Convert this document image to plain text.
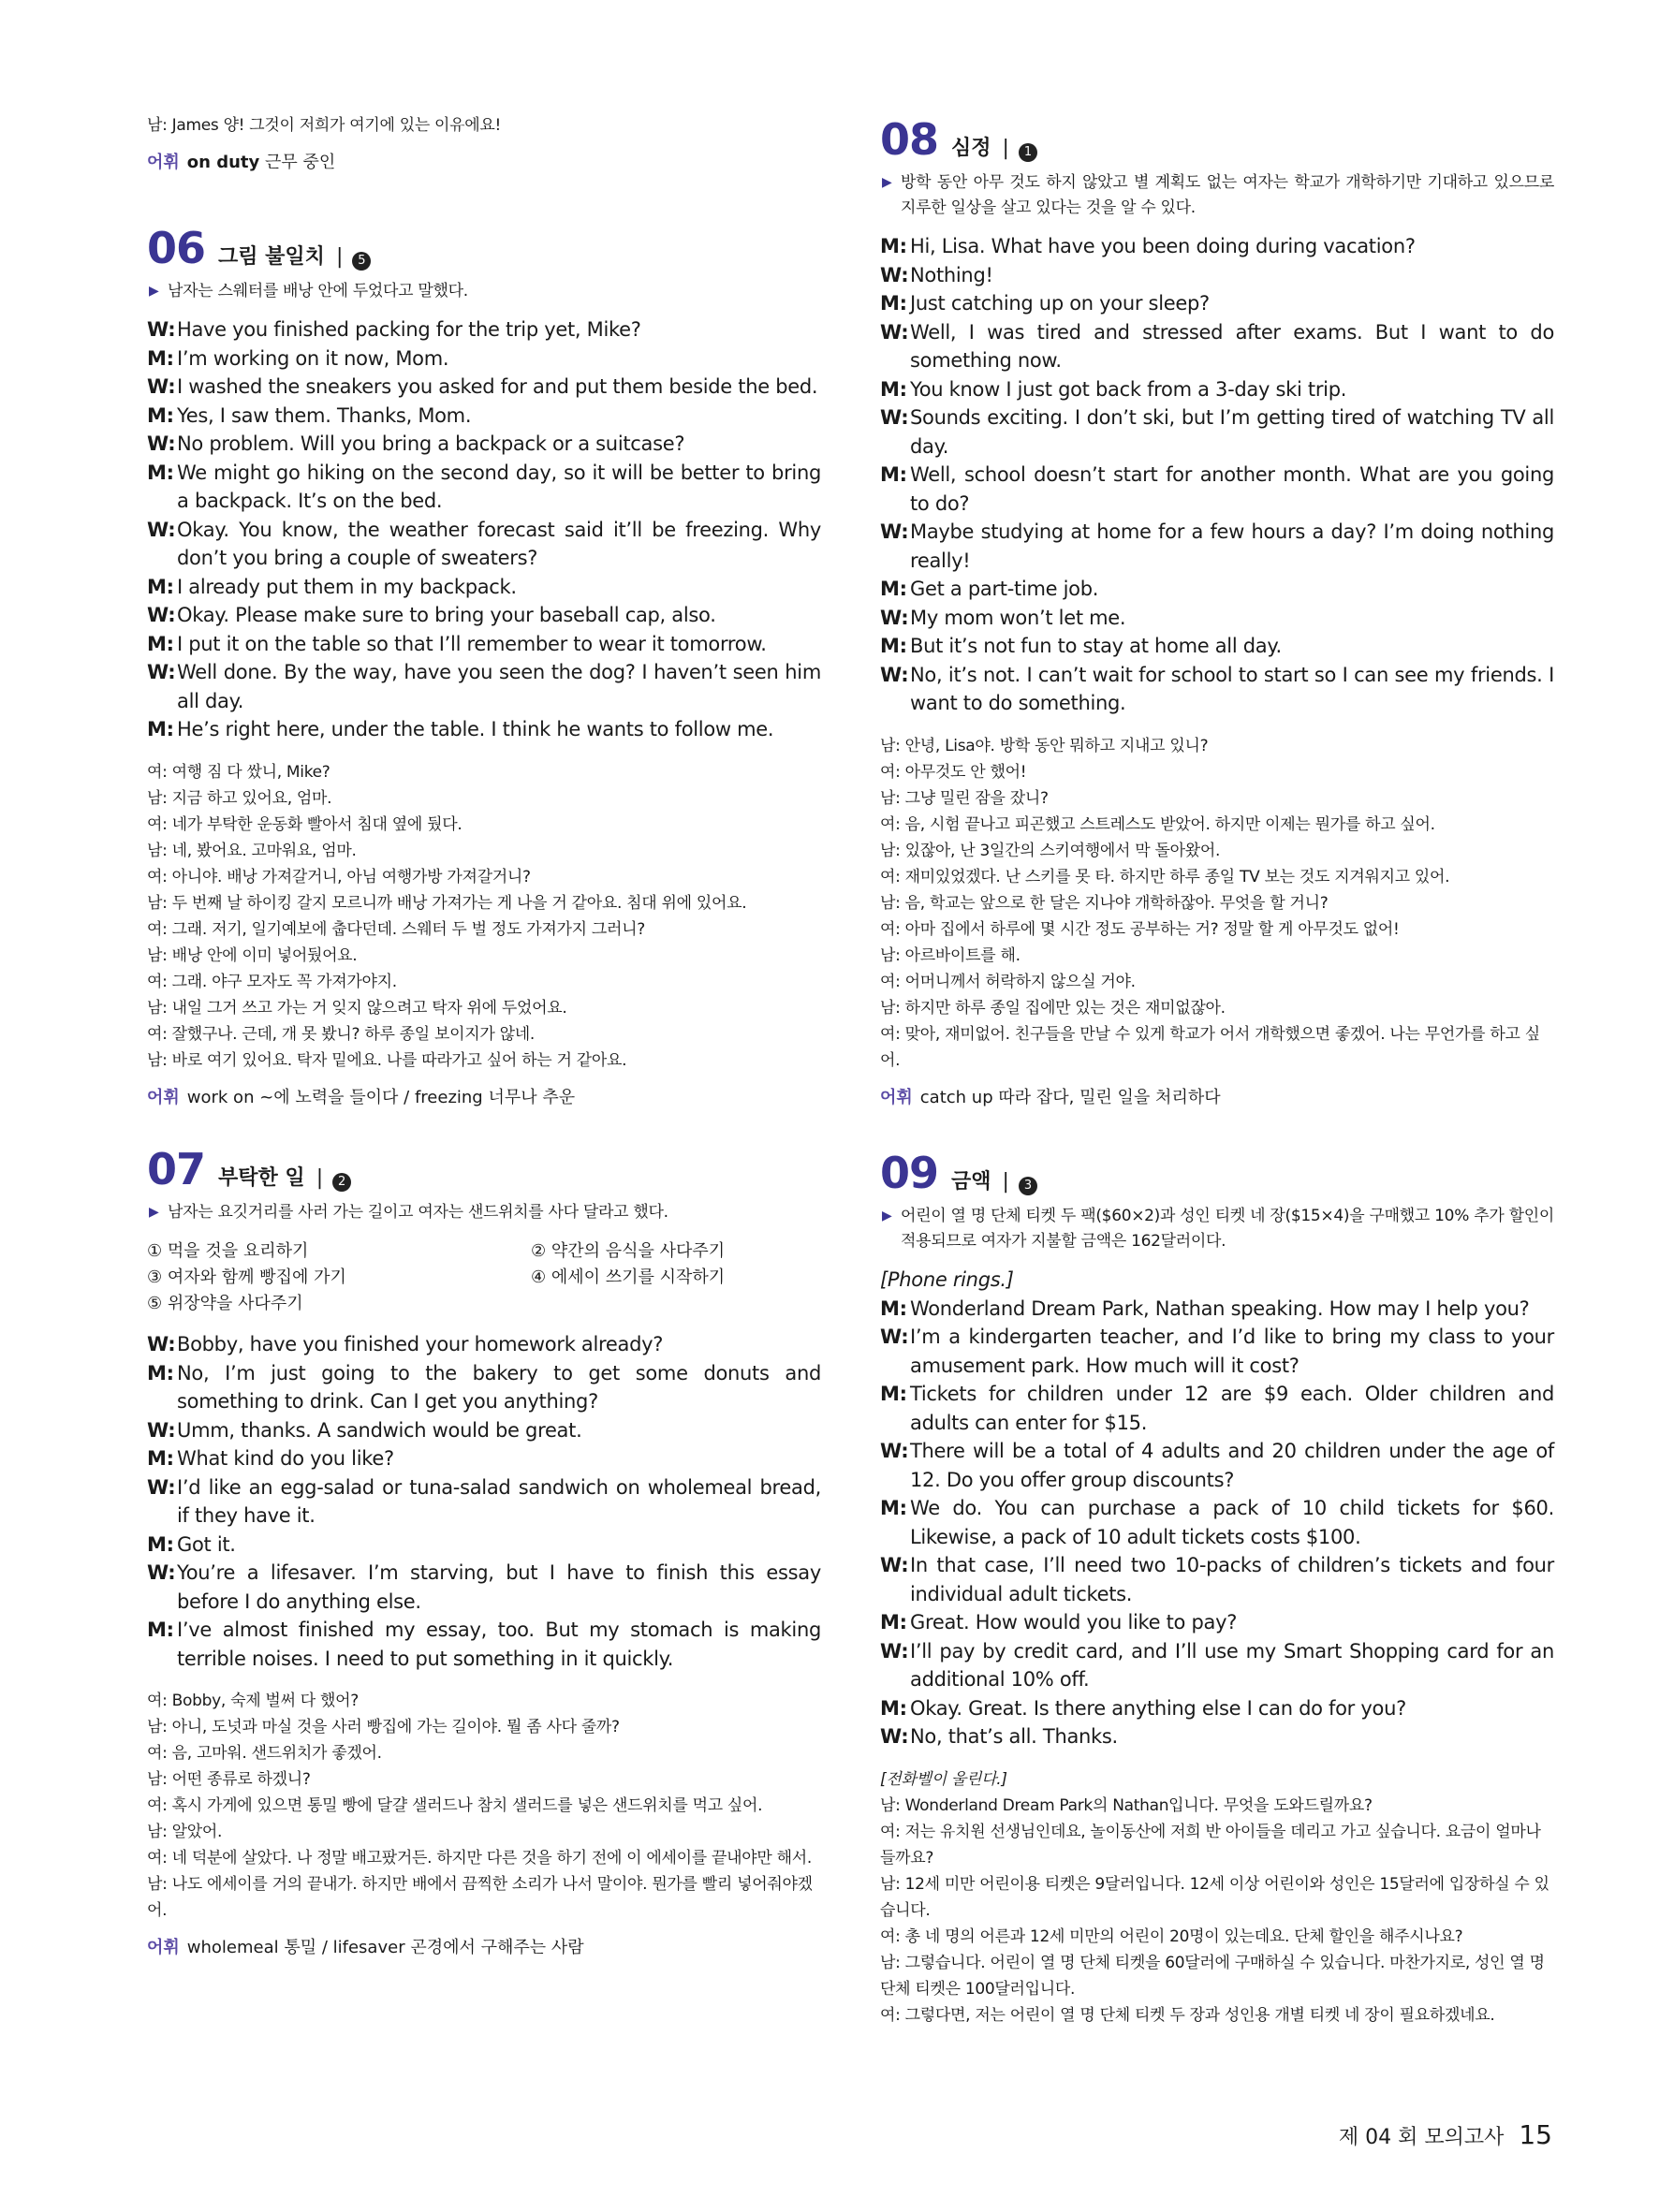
남: James 양! 그것이 저희가 여기에 있는 이유에요!
어휘 on duty 근무 중인
06 그림 불일치 |	5
▶ 남자는 스웨터를 배낭 안에 두었다고 말했다.
W: Have you finished packing for the trip yet, Mike?
M: I’m working on it now, Mom.
W: I washed the sneakers you asked for and put them beside the bed.
M: Yes, I saw them. Thanks, Mom.
W: No problem. Will you bring a backpack or a suitcase?
M: We might go hiking on the second day, so it will be better to bring a backpack. It’s on the bed.
W: Okay. You know, the weather forecast said it’ll be freezing. Why don’t you bring a couple of sweaters?
M: I already put them in my backpack.
W: Okay. Please make sure to bring your baseball cap, also.
M: I put it on the table so that I’ll remember to wear it tomorrow.
W: Well done. By the way, have you seen the dog? I haven’t seen him all day.
M: He’s right here, under the table. I think he wants to follow me.
여: 여행 짐 다 쌌니, Mike?
남: 지금 하고 있어요, 엄마.
여: 네가 부탁한 운동화 빨아서 침대 옆에 뒀다.
남: 네, 봤어요. 고마워요, 엄마.
여: 아니야. 배낭 가져갈거니, 아님 여행가방 가져갈거니?
남: 두 번째 날 하이킹 갈지 모르니까 배낭 가져가는 게 나을 거 같아요. 침대 위에 있어요.
여: 그래. 저기, 일기예보에 춥다던데. 스웨터 두 벌 정도 가져가지 그러니?
남: 배낭 안에 이미 넣어뒀어요.
여: 그래. 야구 모자도 꼭 가져가야지.
남: 내일 그거 쓰고 가는 거 잊지 않으려고 탁자 위에 두었어요.
여: 잘했구나. 근데, 개 못 봤니? 하루 종일 보이지가 않네.
남: 바로 여기 있어요. 탁자 밑에요. 나를 따라가고 싶어 하는 거 같아요.
어휘 work on ~에 노력을 들이다 / freezing 너무나 추운
07 부탁한 일 |	2
▶ 남자는 요깃거리를 사러 가는 길이고 여자는 샌드위치를 사다 달라고 했다.
① 먹을 것을 요리하기	② 약간의 음식을 사다주기
③ 여자와 함께 빵집에 가기	④ 에세이 쓰기를 시작하기
⑤ 위장약을 사다주기
W: Bobby, have you finished your homework already?
M: No, I’m just going to the bakery to get some donuts and something to drink. Can I get you anything?
W: Umm, thanks. A sandwich would be great.
M: What kind do you like?
W: I’d like an egg-salad or tuna-salad sandwich on wholemeal bread, if they have it.
M: Got it.
W: You’re a lifesaver. I’m starving, but I have to finish this essay before I do anything else.
M: I’ve almost finished my essay, too. But my stomach is making terrible noises. I need to put something in it quickly.
여: Bobby, 숙제 벌써 다 했어?
남: 아니, 도넛과 마실 것을 사러 빵집에 가는 길이야. 뭘 좀 사다 줄까?
여: 음, 고마워. 샌드위치가 좋겠어.
남: 어떤 종류로 하겠니?
여: 혹시 가게에 있으면 통밀 빵에 달걀 샐러드나 참치 샐러드를 넣은 샌드위치를 먹고 싶어.
남: 알았어.
여: 네 덕분에 살았다. 나 정말 배고팠거든. 하지만 다른 것을 하기 전에 이 에세이를 끝내야만 해서.
남: 나도 에세이를 거의 끝내가. 하지만 배에서 끔찍한 소리가 나서 말이야. 뭔가를 빨리 넣어줘야겠어.
어휘 wholemeal 통밀 / lifesaver 곤경에서 구해주는 사람
08 심정 |	1
▶ 방학 동안 아무 것도 하지 않았고 별 계획도 없는 여자는 학교가 개학하기만 기대하고 있으므로 지루한 일상을 살고 있다는 것을 알 수 있다.
M: Hi, Lisa. What have you been doing during vacation?
W: Nothing!
M: Just catching up on your sleep?
W: Well, I was tired and stressed after exams. But I want to do something now.
M: You know I just got back from a 3-day ski trip.
W: Sounds exciting. I don’t ski, but I’m getting tired of watching TV all day.
M: Well, school doesn’t start for another month. What are you going to do?
W: Maybe studying at home for a few hours a day? I’m doing nothing really!
M: Get a part-time job.
W: My mom won’t let me.
M: But it’s not fun to stay at home all day.
W: No, it’s not. I can’t wait for school to start so I can see my friends. I want to do something.
남: 안녕, Lisa야. 방학 동안 뭐하고 지내고 있니?
여: 아무것도 안 했어!
남: 그냥 밀린 잠을 잤니?
여: 음, 시험 끝나고 피곤했고 스트레스도 받았어. 하지만 이제는 뭔가를 하고 싶어.
남: 있잖아, 난 3일간의 스키여행에서 막 돌아왔어.
여: 재미있었겠다. 난 스키를 못 타. 하지만 하루 종일 TV 보는 것도 지겨워지고 있어.
남: 음, 학교는 앞으로 한 달은 지나야 개학하잖아. 무엇을 할 거니?
여: 아마 집에서 하루에 몇 시간 정도 공부하는 거? 정말 할 게 아무것도 없어!
남: 아르바이트를 해.
여: 어머니께서 허락하지 않으실 거야.
남: 하지만 하루 종일 집에만 있는 것은 재미없잖아.
여: 맞아, 재미없어. 친구들을 만날 수 있게 학교가 어서 개학했으면 좋겠어. 나는 무언가를 하고 싶어.
어휘 catch up 따라 잡다, 밀린 일을 처리하다
09 금액 |	3
▶ 어린이 열 명 단체 티켓 두 팩($60×2)과 성인 티켓 네 장($15×4)을 구매했고 10% 추가 할인이 적용되므로 여자가 지불할 금액은 162달러이다.
[Phone rings.]
M: Wonderland Dream Park, Nathan speaking. How may I help you?
W: I’m a kindergarten teacher, and I’d like to bring my class to your amusement park. How much will it cost?
M: Tickets for children under 12 are $9 each. Older children and adults can enter for $15.
W: There will be a total of 4 adults and 20 children under the age of 12. Do you offer group discounts?
M: We do. You can purchase a pack of 10 child tickets for $60. Likewise, a pack of 10 adult tickets costs $100.
W: In that case, I’ll need two 10-packs of children’s tickets and four individual adult tickets.
M: Great. How would you like to pay?
W: I’ll pay by credit card, and I’ll use my Smart Shopping card for an additional 10% off.
M: Okay. Great. Is there anything else I can do for you?
W: No, that’s all. Thanks.
[전화벨이 울린다.]
남: Wonderland Dream Park의 Nathan입니다. 무엇을 도와드릴까요?
여: 저는 유치원 선생님인데요, 놀이동산에 저희 반 아이들을 데리고 가고 싶습니다. 요금이 얼마나 들까요?
남: 12세 미만 어린이용 티켓은 9달러입니다. 12세 이상 어린이와 성인은 15달러에 입장하실 수 있습니다.
여: 총 네 명의 어른과 12세 미만의 어린이 20명이 있는데요. 단체 할인을 해주시나요?
남: 그렇습니다. 어린이 열 명 단체 티켓을 60달러에 구매하실 수 있습니다. 마찬가지로, 성인 열 명 단체 티켓은 100달러입니다.
여: 그렇다면, 저는 어린이 열 명 단체 티켓 두 장과 성인용 개별 티켓 네 장이 필요하겠네요.
제 04 회 모의고사 15
